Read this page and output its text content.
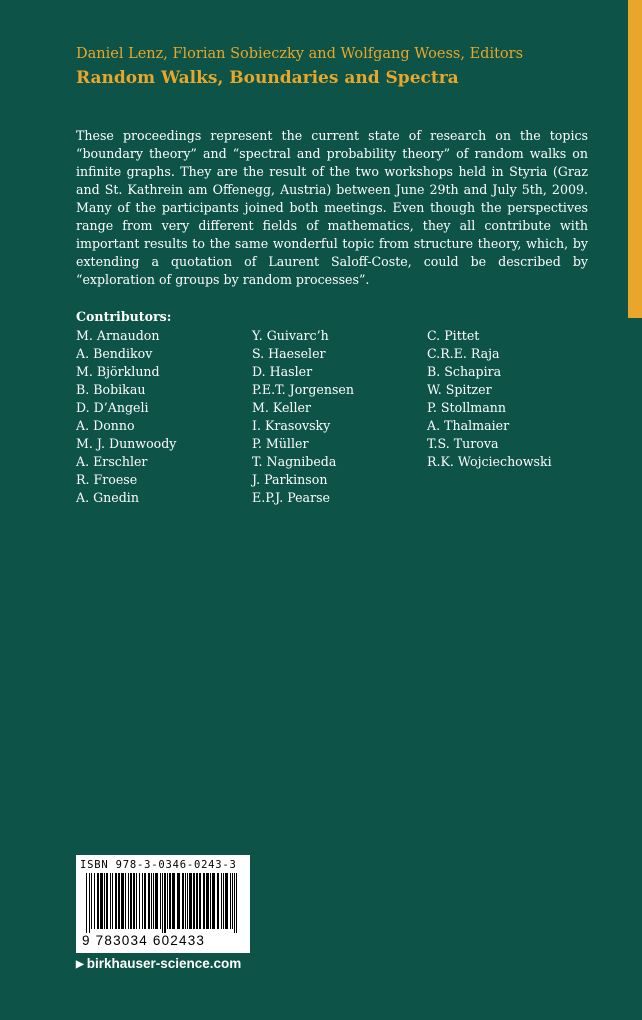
Daniel Lenz, Florian Sobieczky and Wolfgang Woess, Editors
Random Walks, Boundaries and Spectra

These proceedings represent the current state of research on the topics “boundary theory” and “spectral and probability theory” of random walks on infinite graphs. They are the result of the two workshops held in Styria (Graz and St. Kathrein am Offenegg, Austria) between June 29th and July 5th, 2009. Many of the participants joined both meetings. Even though the perspectives range from very different fields of mathematics, they all contribute with important results to the same wonderful topic from structure theory, which, by extending a quotation of Laurent Saloff-Coste, could be described by “exploration of groups by random processes”.

Contributors:
M. Arnaudon
A. Bendikov
M. Björklund
B. Bobikau
D. D’Angeli
A. Donno
M. J. Dunwoody
A. Erschler
R. Froese
A. Gnedin
Y. Guivarc’h
S. Haeseler
D. Hasler
P.E.T. Jorgensen
M. Keller
I. Krasovsky
P. Müller
T. Nagnibeda
J. Parkinson
E.P.J. Pearse
C. Pittet
C.R.E. Raja
B. Schapira
W. Spitzer
P. Stollmann
A. Thalmaier
T.S. Turova
R.K. Wojciechowski
ISBN 978-3-0346-0243-3
9 783034 602433
▶ birkhauser-science.com
